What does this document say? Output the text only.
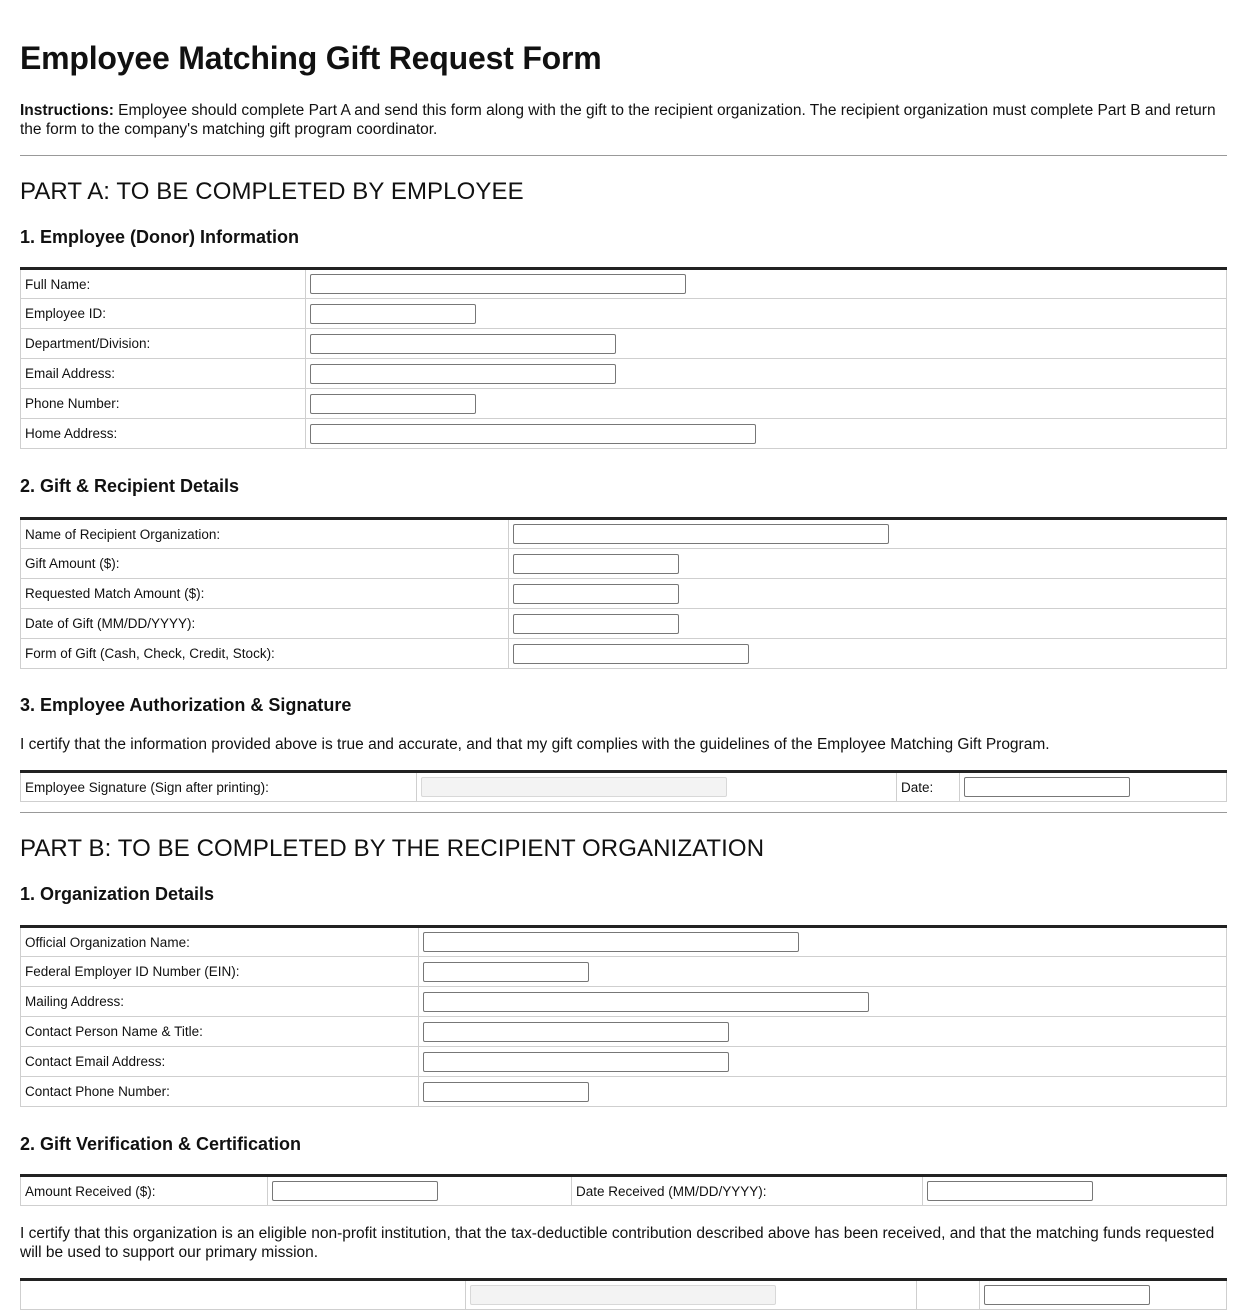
Employee Matching Gift Request Form

Instructions: Employee should complete Part A and send this form along with the gift to the recipient organization. The recipient organization must complete Part B and return the form to the company's matching gift program coordinator.

PART A: TO BE COMPLETED BY EMPLOYEE
1. Employee (Donor) Information
Full Name:	

Employee ID:	

Department/Division:	

Email Address:	

Phone Number:	

Home Address:	
2. Gift & Recipient Details
Name of Recipient Organization:	

Gift Amount ($):	

Requested Match Amount ($):	

Date of Gift (MM/DD/YYYY):	

Form of Gift (Cash, Check, Credit, Stock):	
3. Employee Authorization & Signature

I certify that the information provided above is true and accurate, and that my gift complies with the guidelines of the Employee Matching Gift Program.

Employee Signature (Sign after printing):		Date:	
PART B: TO BE COMPLETED BY THE RECIPIENT ORGANIZATION
1. Organization Details
Official Organization Name:	

Federal Employer ID Number (EIN):	

Mailing Address:	

Contact Person Name & Title:	

Contact Email Address:	

Contact Phone Number:	
2. Gift Verification & Certification
Amount Received ($):		Date Received (MM/DD/YYYY):	

I certify that this organization is an eligible non-profit institution, that the tax-deductible contribution described above has been received, and that the matching funds requested will be used to support our primary mission.
